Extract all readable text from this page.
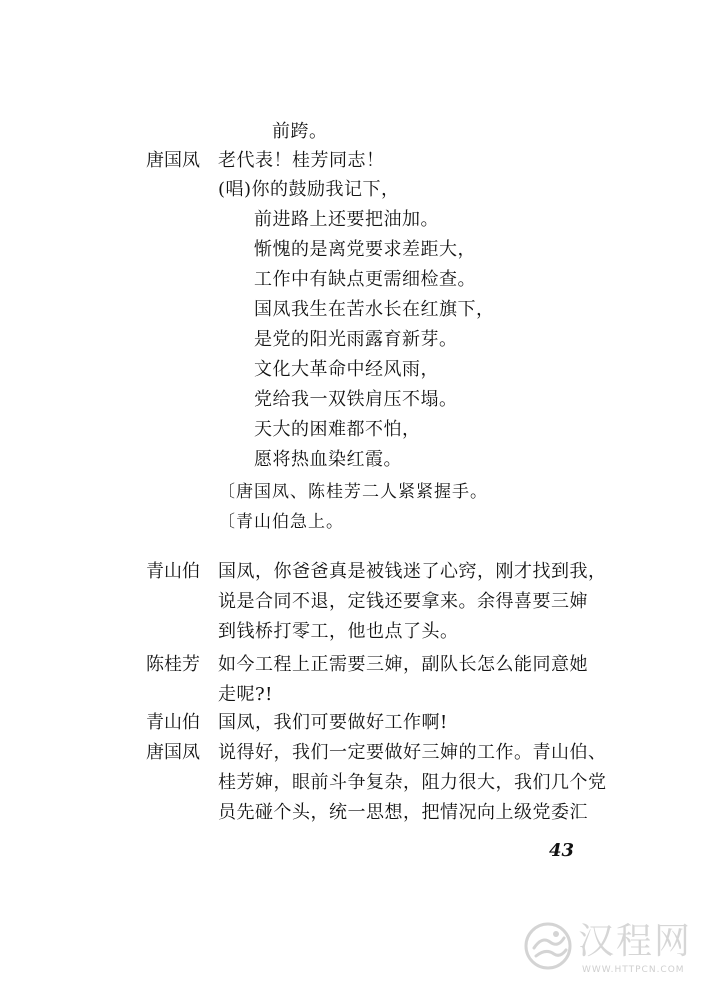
唐国凤
青山伯
陈桂芳
青山伯
唐国凤
前跨。
老代表！桂芳同志！
(唱)你的鼓励我记下，
前进路上还要把油加。
惭愧的是离党要求差距大，
工作中有缺点更需细检查。
国凤我生在苦水长在红旗下，
是党的阳光雨露育新芽。
文化大革命中经风雨，
党给我一双铁肩压不塌。
天大的困难都不怕，
愿将热血染红霞。
〔唐国凤、陈桂芳二人紧紧握手。
〔青山伯急上。
国凤，你爸爸真是被钱迷了心窍，刚才找到我，
说是合同不退，定钱还要拿来。余得喜要三婶
到钱桥打零工，他也点了头。
如今工程上正需要三婶，副队长怎么能同意她
走呢?!
国凤，我们可要做好工作啊!
说得好，我们一定要做好三婶的工作。青山伯、
桂芳婶，眼前斗争复杂，阻力很大，我们几个党
员先碰个头，统一思想，把情况向上级党委汇
43
汉程网
WWW.HTTPCN.COM
